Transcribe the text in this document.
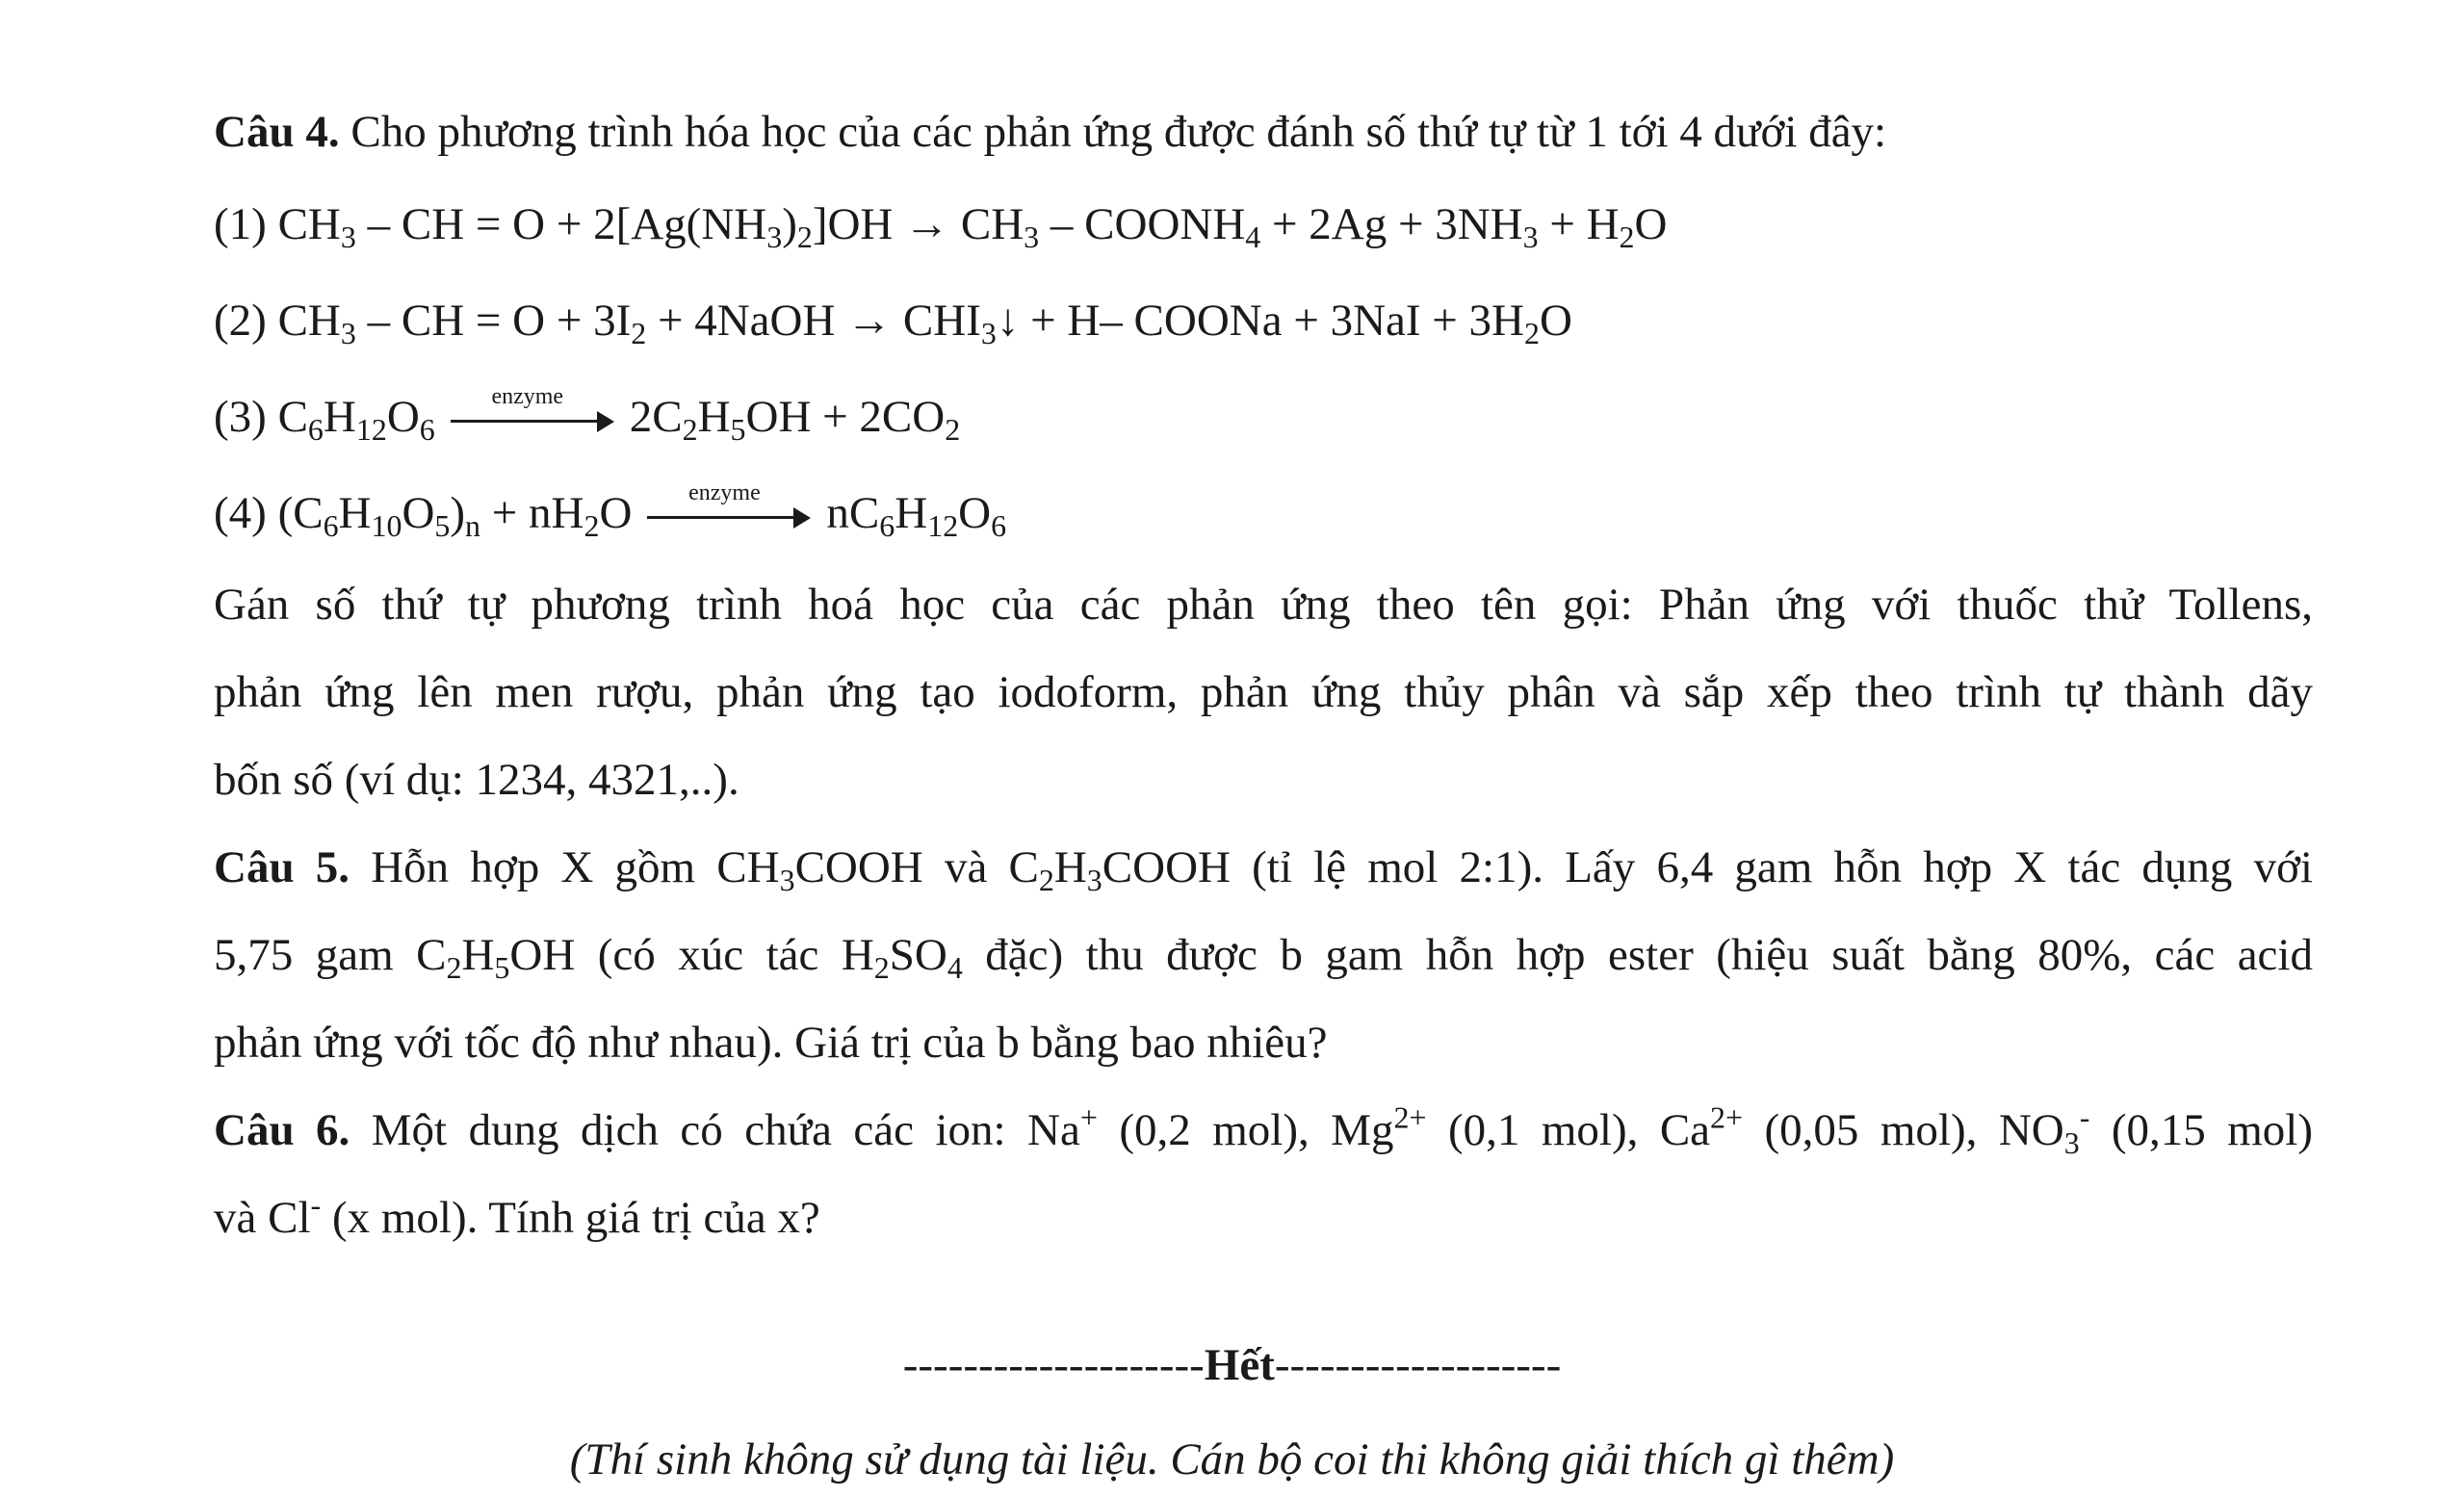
Câu 4. Cho phương trình hóa học của các phản ứng được đánh số thứ tự từ 1 tới 4 dưới đây:
(1) $CH_3$ – CH = $O + 2[Ag(NH_3)_2]OH \to CH_3$ – $COONH_4 + 2Ag + 3NH_3 + H_2O$
(2) $CH_3$ – CH = $O + 3I_2$ + 4NaOH → $CHI_3↓ + H-$ COONa + $3NaI + 3H_2O$
(3) $C_6H_{12}O_6$
enzyme	$2C_2H_5OH + 2CO_2$
(4) $(C_6H_{10}O_5)_n + nH_2O$	enzyme	$nC_6H_{12}O_6$
Gán số thứ tự phương trình hoá học của các phản ứng theo tên gọi: Phản ứng với thuốc thử Tollens,
phản ứng lên men rượu, phản ứng tạo iodoform, phản ứng thủy phân và sắp xếp theo trình tự thành dãy
bốn số (ví dụ: 1234, 4321,..).
Câu 5. Hỗn hợp X gồm $CH_3COOH$ và $C_2H_3COOH$ (tỉ lệ mol 2:1). Lấy 6,4 gam hỗn hợp X tác dụng với
5,75 gam $C_2H_5OH$ (có xúc tác $H_2SO_4$ đặc) thu được b gam hỗn hợp ester (hiệu suất bằng 80%, các acid
phản ứng với tốc độ như nhau). Giá trị của b bằng bao nhiêu?
Câu 6. Một dung dịch có chứa các ion: Na+ (0,2 mol), $Mg^{2+}$ (0,1 mol), $Ca^{2+}$ (0,05 mol), $NO_3^-$ (0,15 mol)
và Cl- (x mol). Tính giá trị của x?
--------------------Hết-------------------
(Thí sinh không sử dụng tài liệu. Cán bộ coi thi không giải thích gì thêm)
